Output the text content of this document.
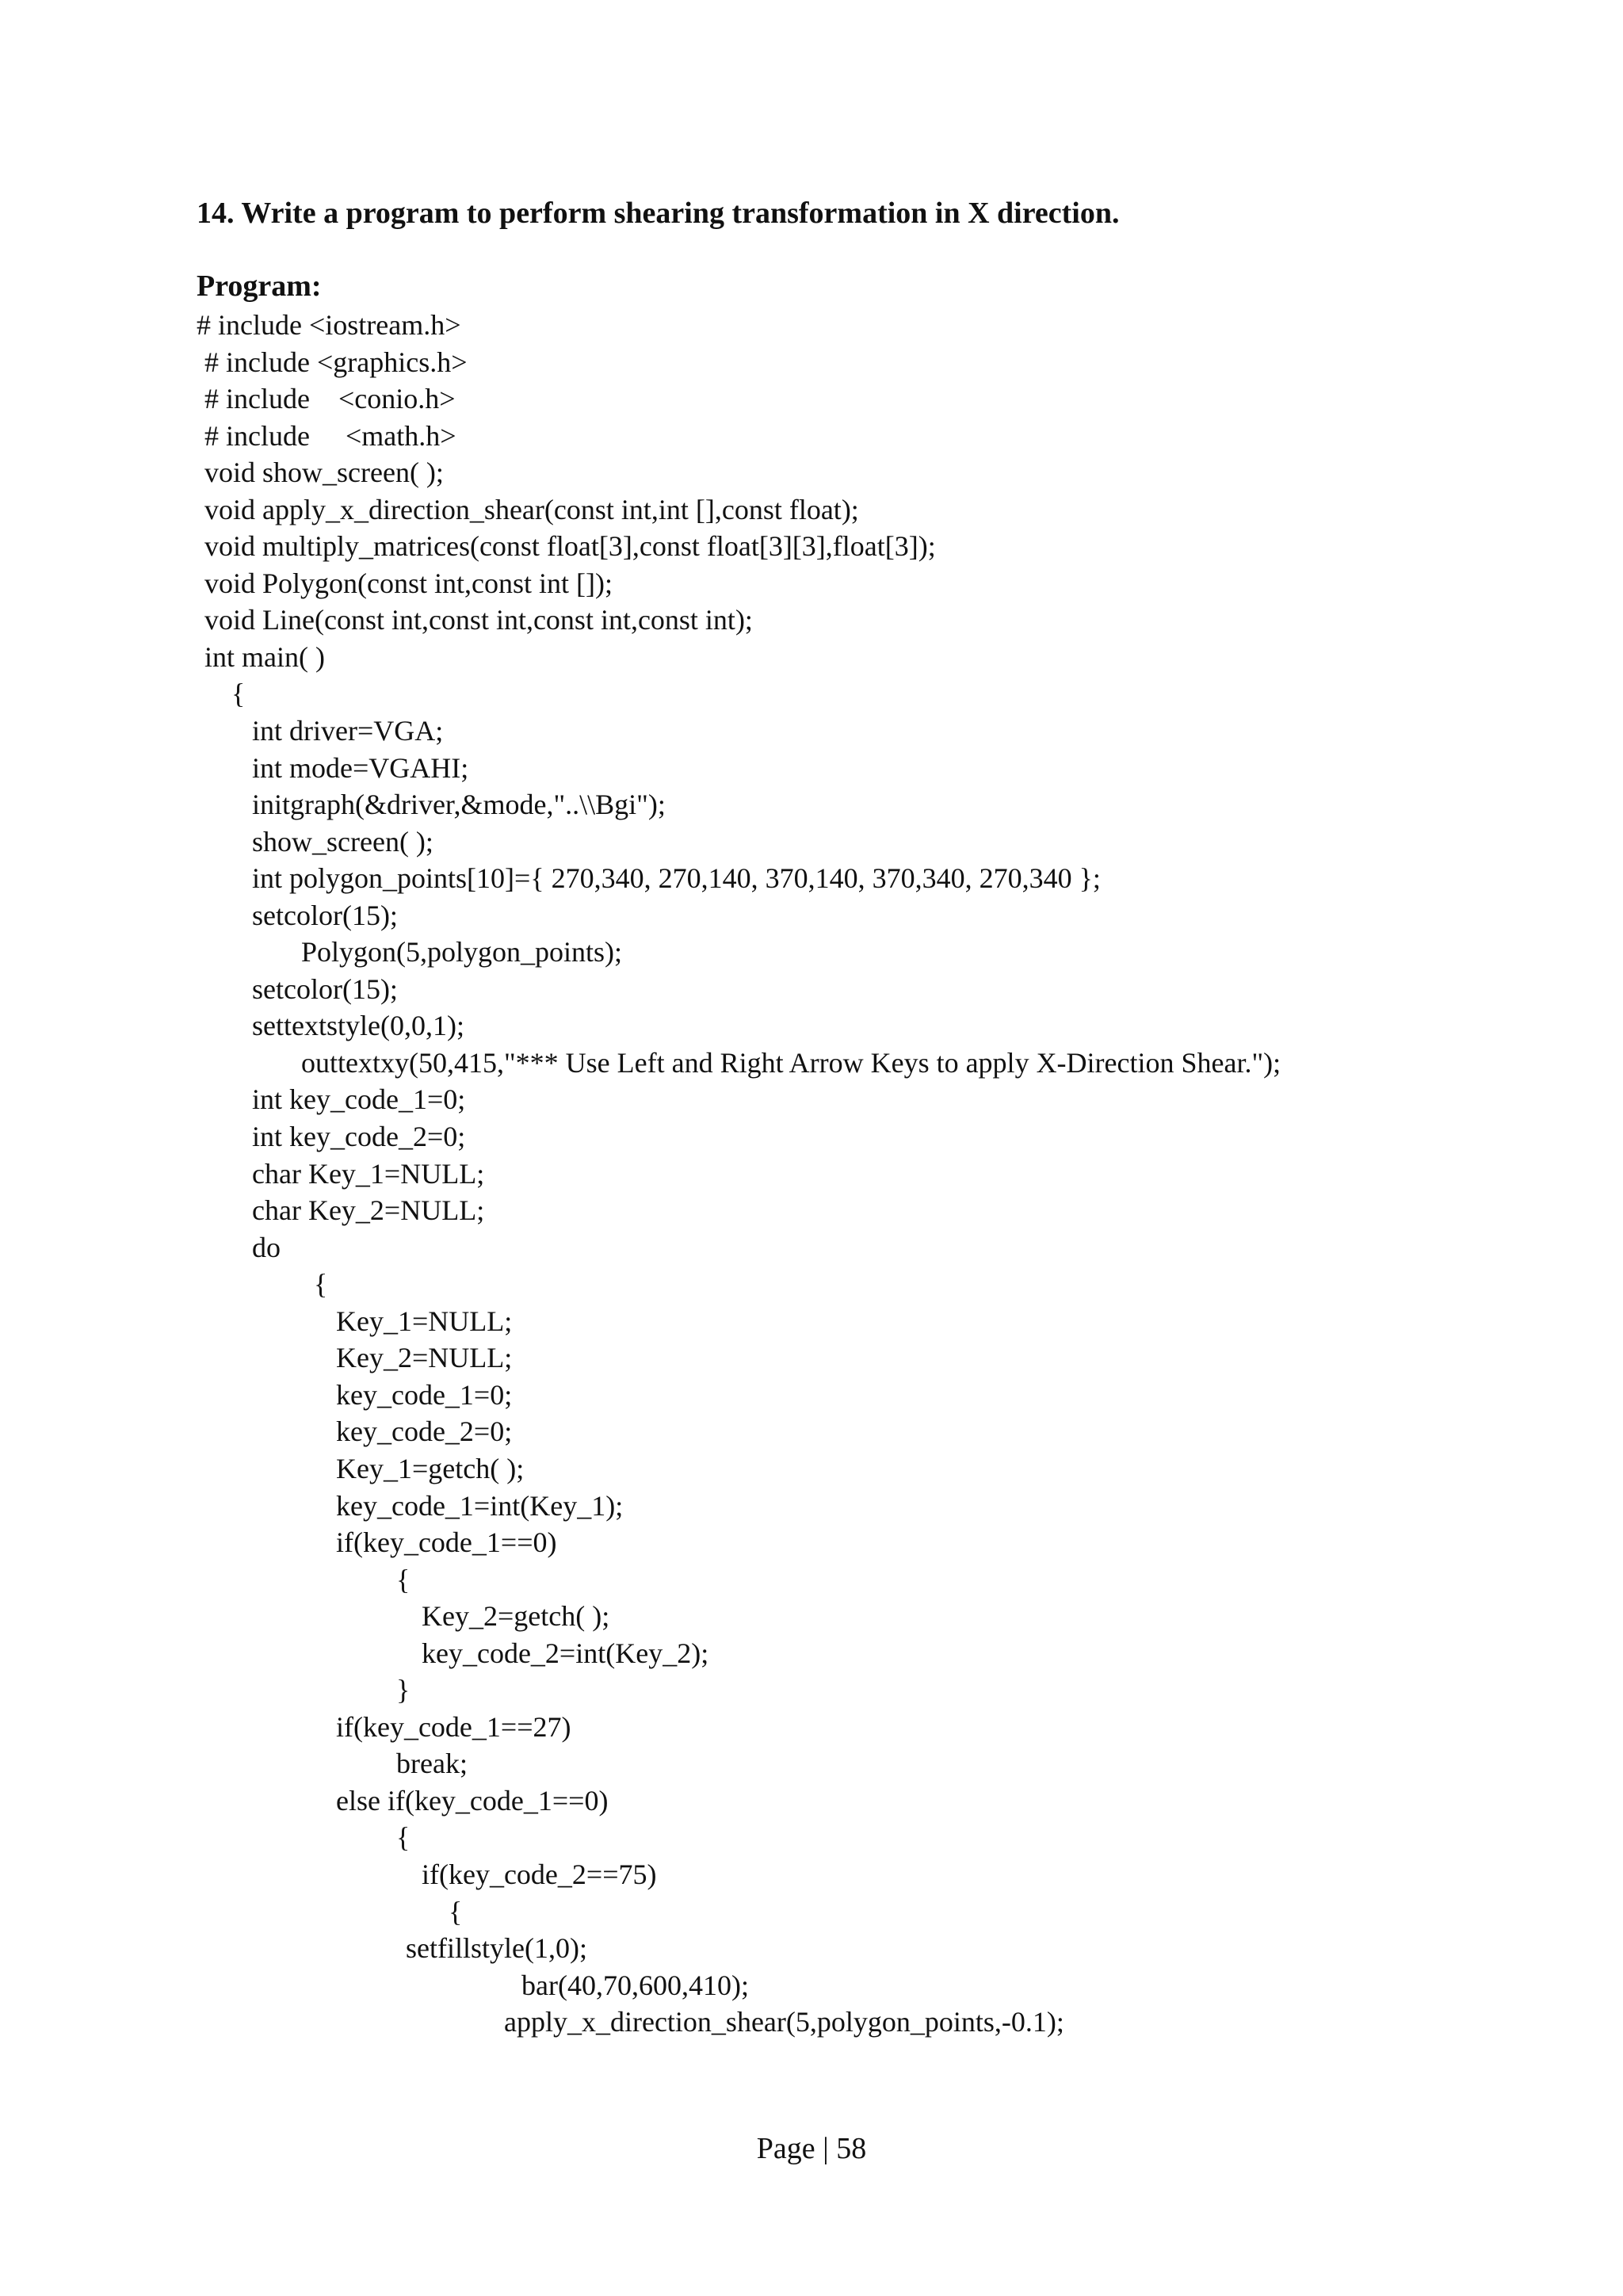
14. Write a program to perform shearing transformation in X direction.
Program:
# include <iostream.h>
# include <graphics.h>
# include    <conio.h>
# include     <math.h>
void show_screen( );
void apply_x_direction_shear(const int,int [],const float);
void multiply_matrices(const float[3],const float[3][3],float[3]);
void Polygon(const int,const int []);
void Line(const int,const int,const int,const int);
int main( )
{
int driver=VGA;
int mode=VGAHI;
initgraph(&driver,&mode,"..\\Bgi");
show_screen( );
int polygon_points[10]={ 270,340, 270,140, 370,140, 370,340, 270,340 };
setcolor(15);
Polygon(5,polygon_points);
setcolor(15);
settextstyle(0,0,1);
outtextxy(50,415,"*** Use Left and Right Arrow Keys to apply X-Direction Shear.");
int key_code_1=0;
int key_code_2=0;
char Key_1=NULL;
char Key_2=NULL;
do
{
Key_1=NULL;
Key_2=NULL;
key_code_1=0;
key_code_2=0;
Key_1=getch( );
key_code_1=int(Key_1);
if(key_code_1==0)
{
Key_2=getch( );
key_code_2=int(Key_2);
}
if(key_code_1==27)
break;
else if(key_code_1==0)
{
if(key_code_2==75)
{
setfillstyle(1,0);
bar(40,70,600,410);
apply_x_direction_shear(5,polygon_points,-0.1);
Page | 58
